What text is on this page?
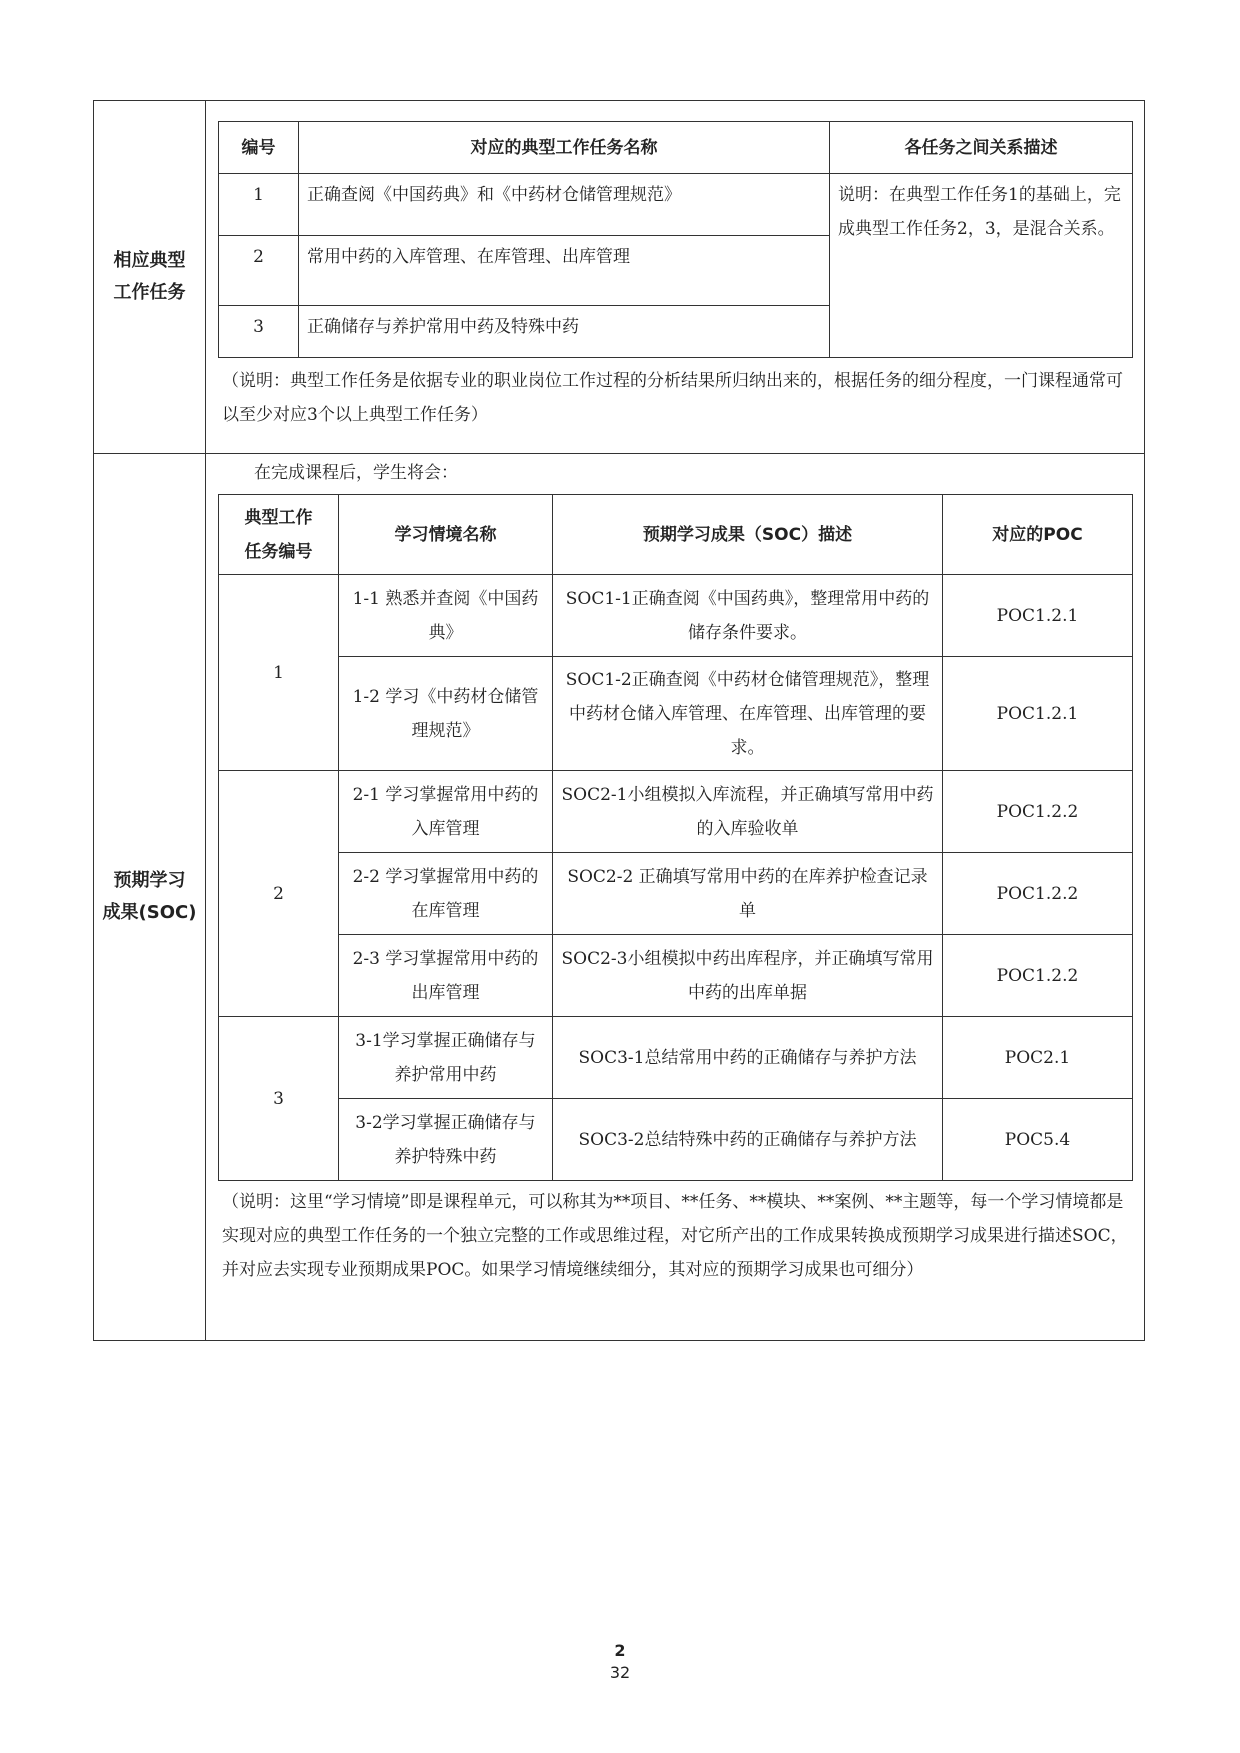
相应典型
工作任务	
编号	对应的典型工作任务名称	各任务之间关系描述
1	正确查阅《中国药典》和《中药材仓储管理规范》	说明：在典型工作任务1的基础上，完成典型工作任务2，3，是混合关系。
2	常用中药的入库管理、在库管理、出库管理
3	正确储存与养护常用中药及特殊中药
（说明：典型工作任务是依据专业的职业岗位工作过程的分析结果所归纳出来的，根据任务的细分程度，一门课程通常可以至少对应3个以上典型工作任务）

预期学习
成果(SOC)	
在完成课程后，学生将会：
典型工作
任务编号	学习情境名称	预期学习成果（SOC）描述	对应的POC
1	1-1 熟悉并查阅《中国药典》	SOC1-1正确查阅《中国药典》，整理常用中药的储存条件要求。	POC1.2.1
1-2 学习《中药材仓储管理规范》	SOC1-2正确查阅《中药材仓储管理规范》，整理中药材仓储入库管理、在库管理、出库管理的要求。	POC1.2.1
2	2-1 学习掌握常用中药的入库管理	SOC2-1小组模拟入库流程，并正确填写常用中药的入库验收单	POC1.2.2
2-2 学习掌握常用中药的在库管理	SOC2-2 正确填写常用中药的在库养护检查记录单	POC1.2.2
2-3 学习掌握常用中药的出库管理	SOC2-3小组模拟中药出库程序，并正确填写常用中药的出库单据	POC1.2.2
3	3-1学习掌握正确储存与养护常用中药	SOC3-1总结常用中药的正确储存与养护方法	POC2.1
3-2学习掌握正确储存与养护特殊中药	SOC3-2总结特殊中药的正确储存与养护方法	POC5.4
（说明：这里“学习情境”即是课程单元，可以称其为**项目、**任务、**模块、**案例、**主题等，每一个学习情境都是实现对应的典型工作任务的一个独立完整的工作或思维过程，对它所产出的工作成果转换成预期学习成果进行描述SOC，并对应去实现专业预期成果POC。如果学习情境继续细分，其对应的预期学习成果也可细分）
2
32
